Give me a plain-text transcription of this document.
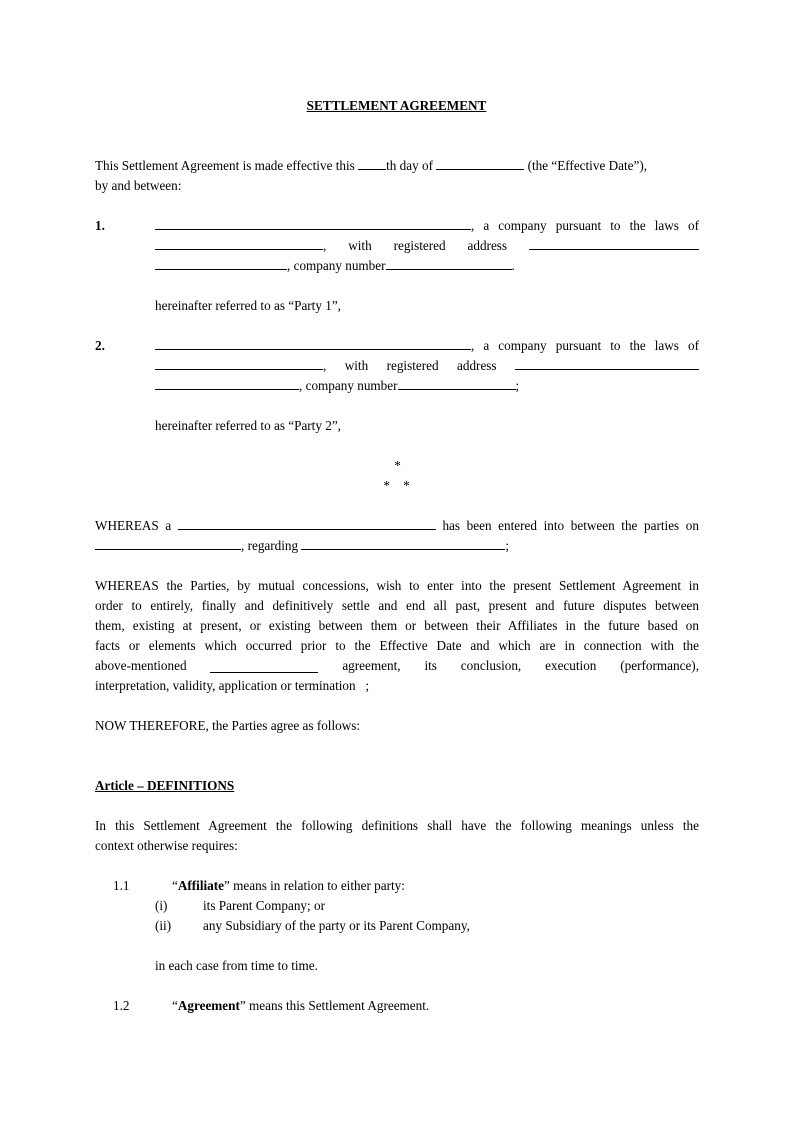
SETTLEMENT AGREEMENT
This Settlement Agreement is made effective this th day of	(the “Effective Date”),
by and between:
1.	, a company pursuant to the laws of
, with registered address
, company number	.
hereinafter referred to as “Party 1”,
2.	, a company pursuant to the laws of
, with registered address
, company number	;
hereinafter referred to as “Party 2”,
*
*    *
WHEREAS a	has been entered into between the parties on
, regarding	;
WHEREAS the Parties, by mutual concessions, wish to enter into the present Settlement Agreement in
order to entirely, finally and definitively settle and end all past, present and future disputes between
them, existing at present, or existing between them or between their Affiliates in the future based on
facts or elements which occurred prior to the Effective Date and which are in connection with the
above-mentioned	agreement, its conclusion, execution (performance),
interpretation, validity, application or termination   ;
NOW THEREFORE, the Parties agree as follows:
Article – DEFINITIONS
In this Settlement Agreement the following definitions shall have the following meanings unless the
context otherwise requires:
1.1	“Affiliate” means in relation to either party:
(i)	its Parent Company; or
(ii) any Subsidiary of the party or its Parent Company,
in each case from time to time.
1.2	“Agreement” means this Settlement Agreement.
